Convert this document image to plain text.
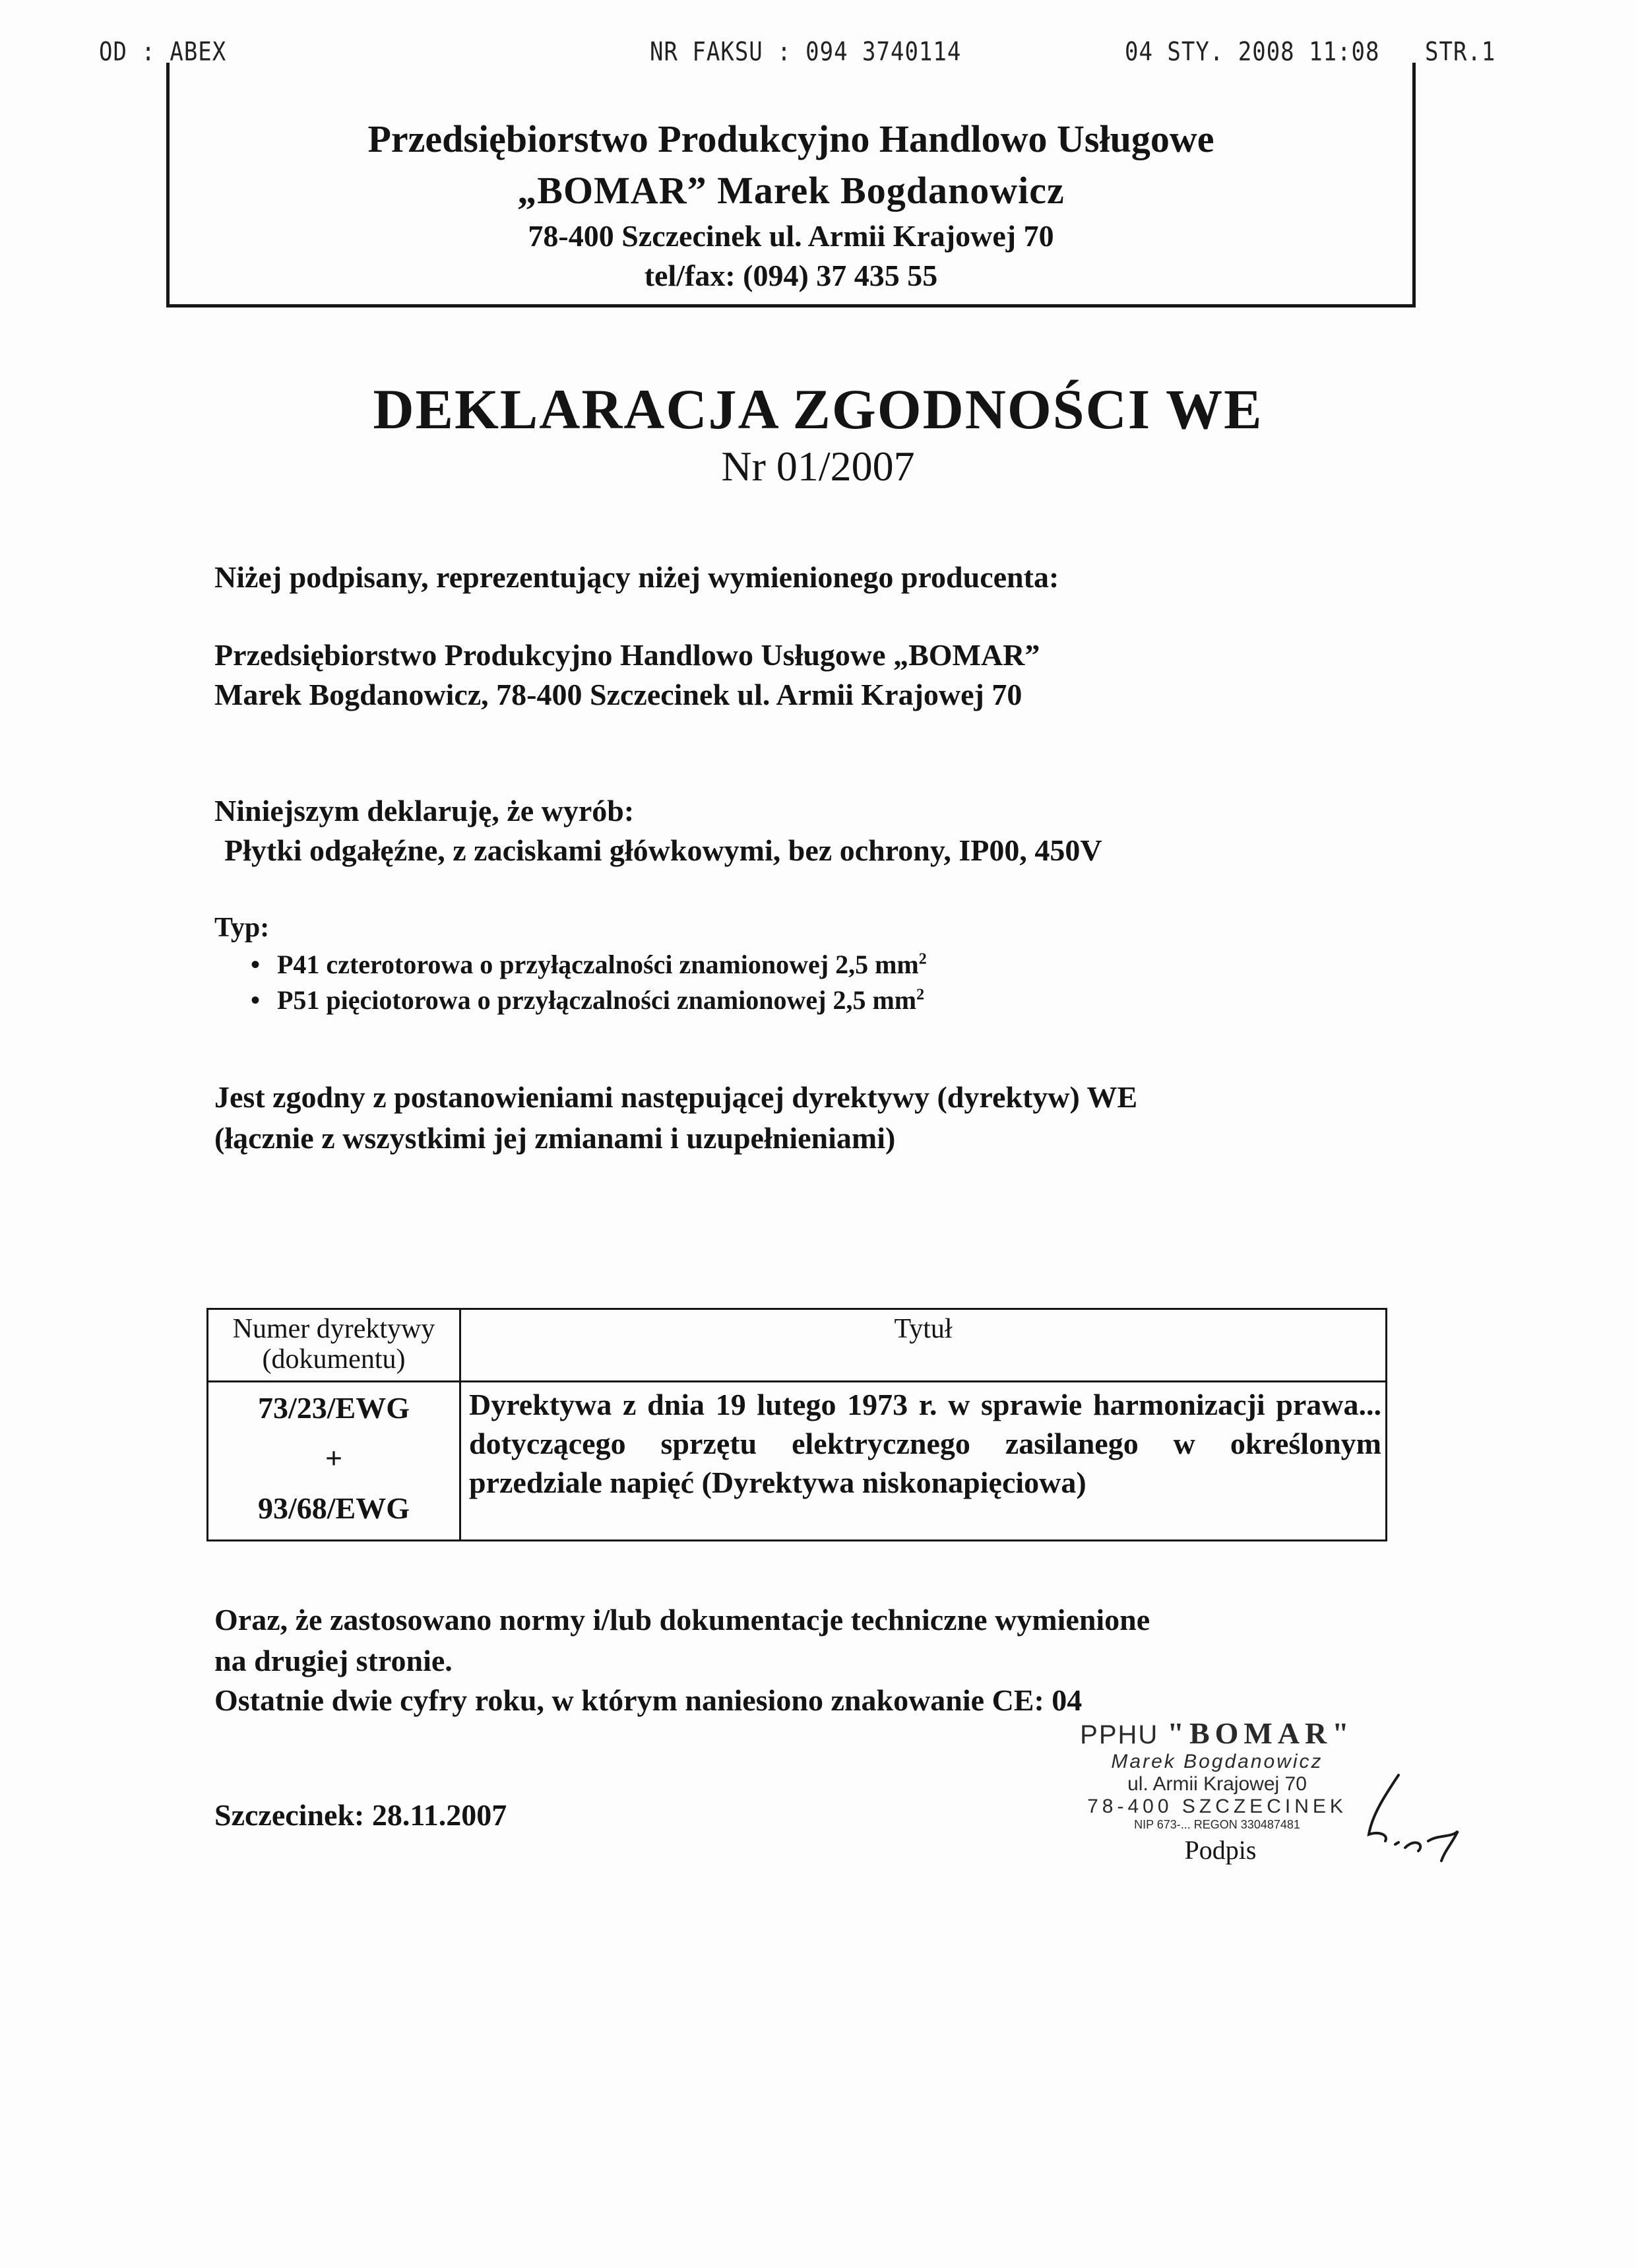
OD : ABEX	NR FAKSU : 094 3740114	04 STY. 2008 11:08 STR.1
Przedsiębiorstwo Produkcyjno Handlowo Usługowe
„BOMAR” Marek Bogdanowicz
78-400 Szczecinek ul. Armii Krajowej 70
tel/fax: (094) 37 435 55
DEKLARACJA ZGODNOŚCI WE
Nr 01/2007
Niżej podpisany, reprezentujący niżej wymienionego producenta:
Przedsiębiorstwo Produkcyjno Handlowo Usługowe „BOMAR”
Marek Bogdanowicz, 78-400 Szczecinek ul. Armii Krajowej 70
Niniejszym deklaruję, że wyrób:
Płytki odgałęźne, z zaciskami główkowymi, bez ochrony, IP00, 450V
Typ:
• P41 czterotorowa o przyłączalności znamionowej 2,5 $mm^2$
• P51 pięciotorowa o przyłączalności znamionowej 2,5 $mm^2$
Jest zgodny z postanowieniami następującej dyrektywy (dyrektyw) WE
(łącznie z wszystkimi jej zmianami i uzupełnieniami)
Numer dyrektywy (dokumentu)	Tytuł

73/23/EWG
+
93/68/EWG	Dyrektywa z dnia 19 lutego 1973 r. w sprawie harmonizacji prawa... dotyczącego sprzętu elektrycznego zasilanego w określonym przedziale napięć (Dyrektywa niskonapięciowa)
Oraz, że zastosowano normy i/lub dokumentacje techniczne wymienione
na drugiej stronie.
Ostatnie dwie cyfry roku, w którym naniesiono znakowanie CE: 04
Szczecinek: 28.11.2007
PPHU "BOMAR"
Marek Bogdanowicz
ul. Armii Krajowej 70
78-400 SZCZECINEK
NIP 673-... REGON 330487481
Podpis
